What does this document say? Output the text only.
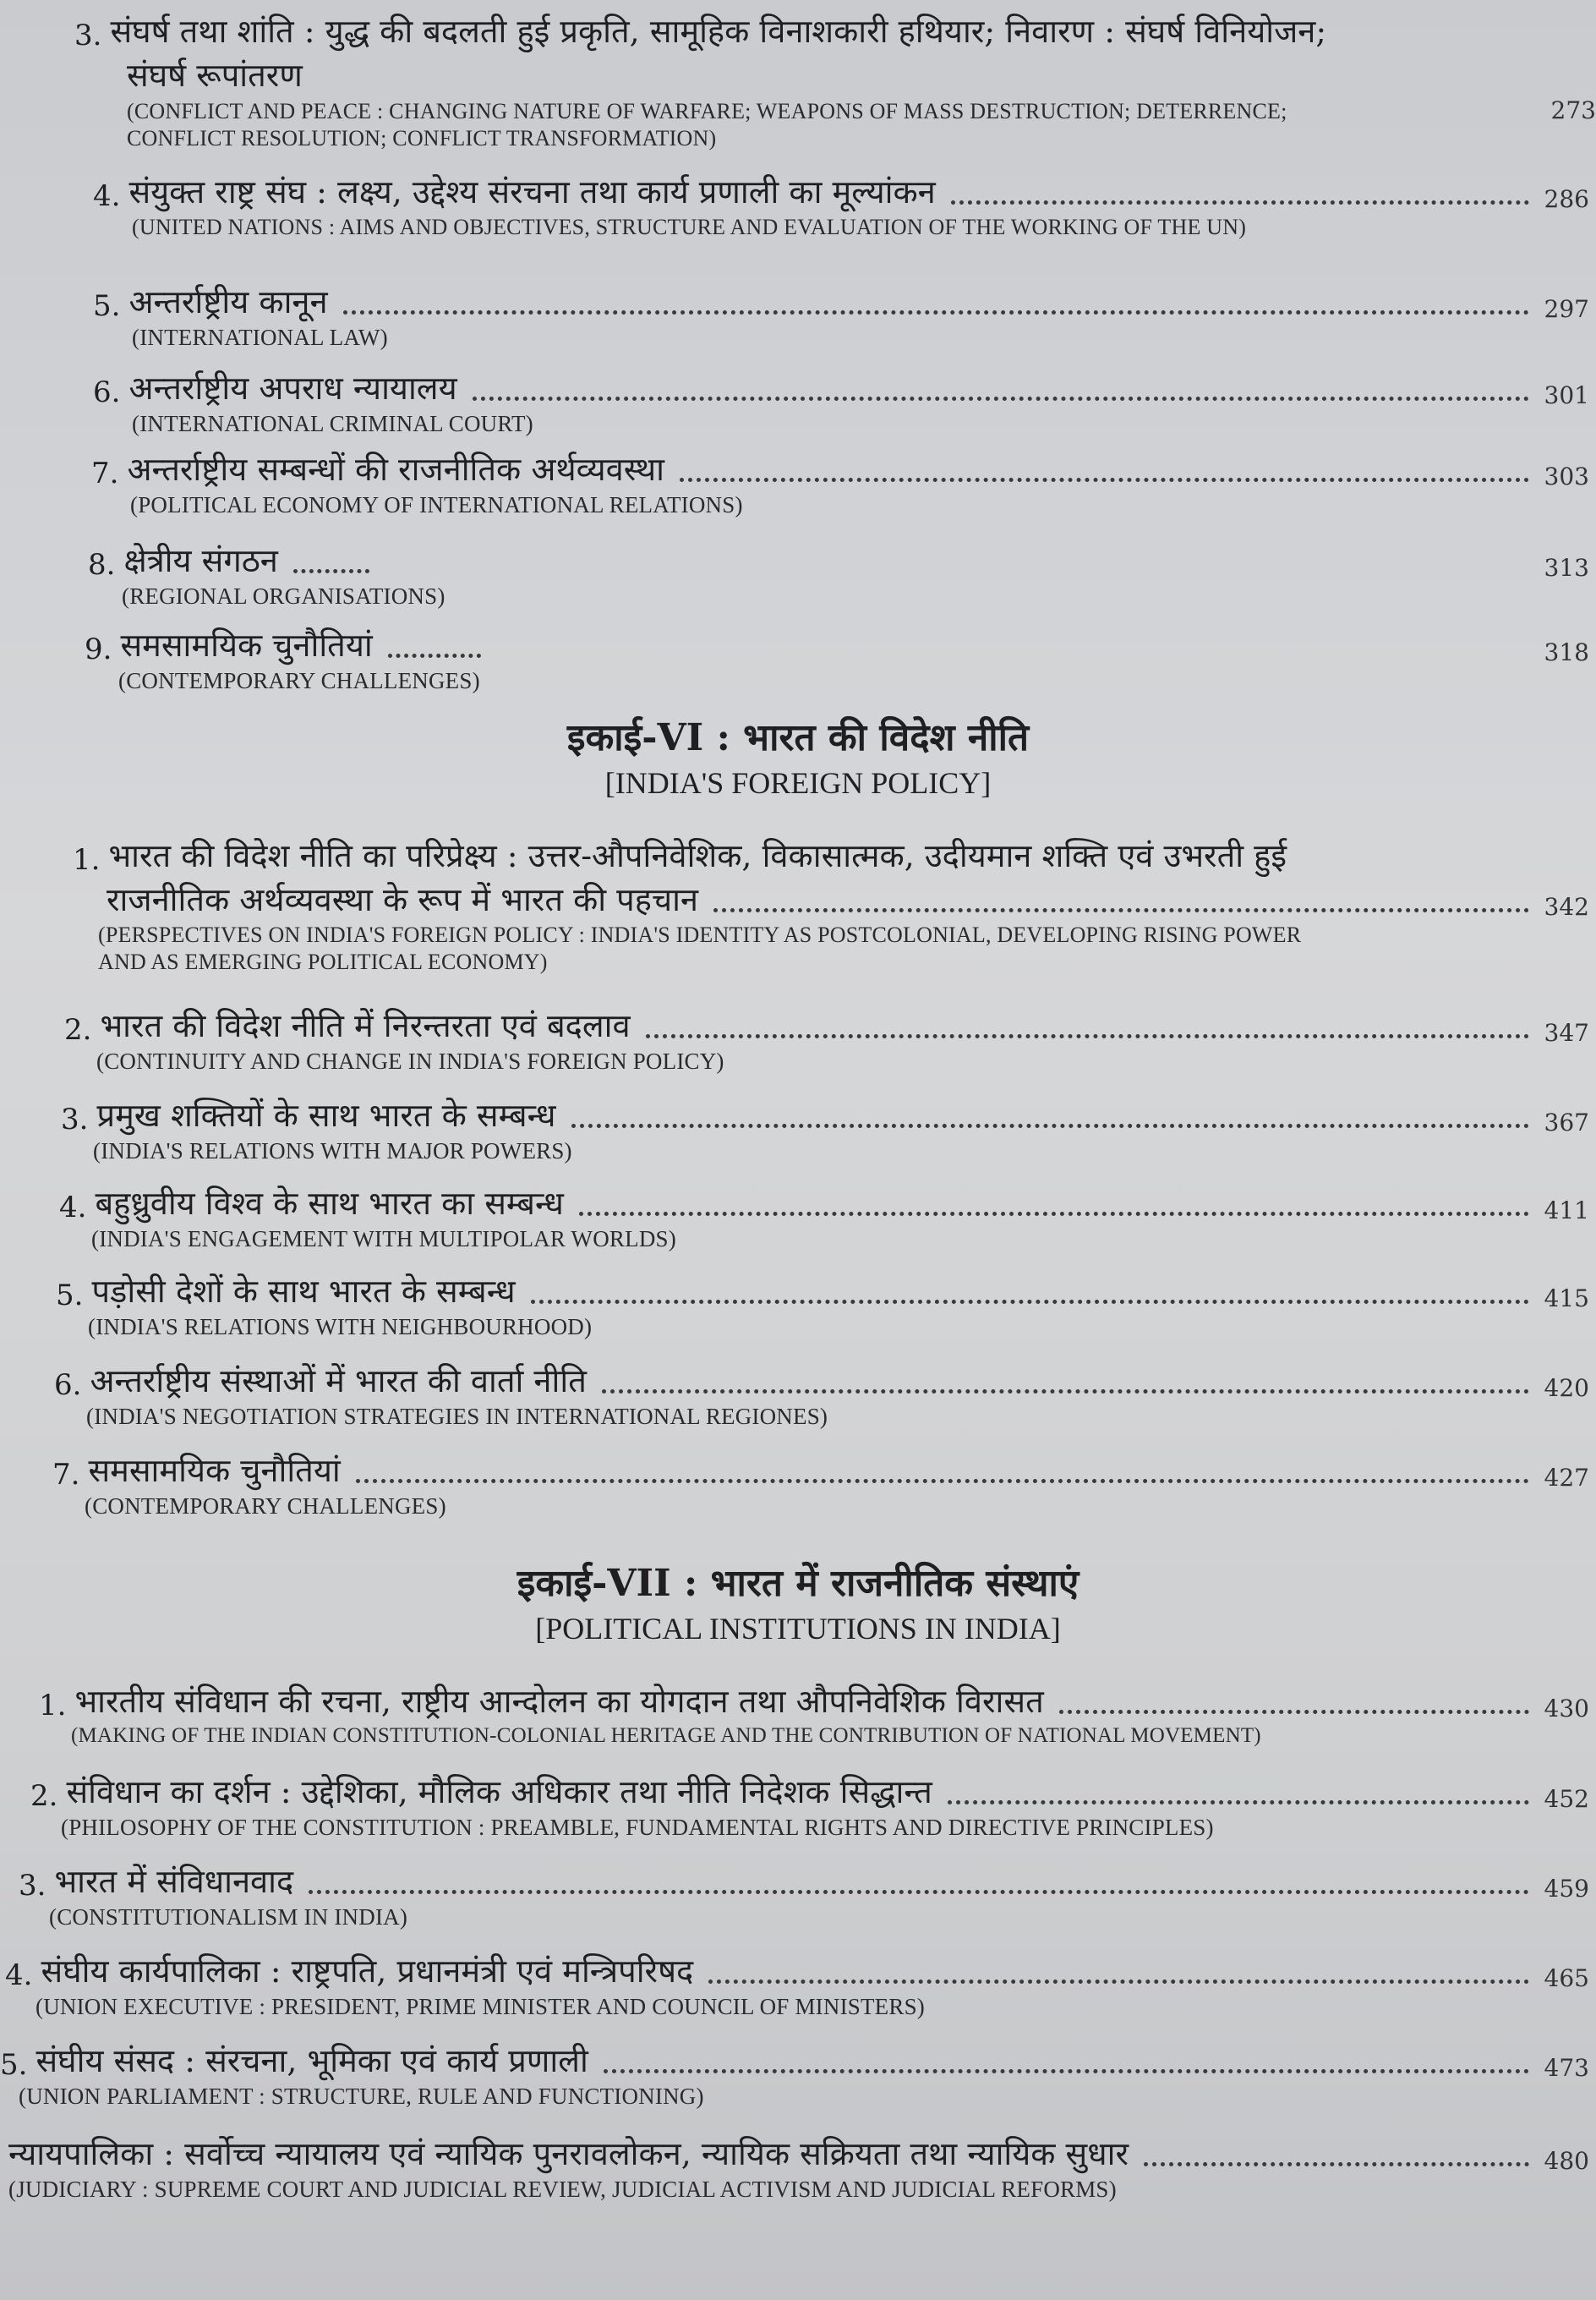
3. संघर्ष तथा शांति : युद्ध की बदलती हुई प्रकृति, सामूहिक विनाशकारी हथियार; निवारण : संघर्ष विनियोजन;
संघर्ष रूपांतरण
(CONFLICT AND PEACE : CHANGING NATURE OF WARFARE; WEAPONS OF MASS DESTRUCTION; DETERRENCE;	273
CONFLICT RESOLUTION; CONFLICT TRANSFORMATION)
4. संयुक्त राष्ट्र संघ : लक्ष्य, उद्देश्य संरचना तथा कार्य प्रणाली का मूल्यांकन	286
(UNITED NATIONS : AIMS AND OBJECTIVES, STRUCTURE AND EVALUATION OF THE WORKING OF THE UN)
5. अन्तर्राष्ट्रीय कानून	297
(INTERNATIONAL LAW)
6. अन्तर्राष्ट्रीय अपराध न्यायालय	301
(INTERNATIONAL CRIMINAL COURT)
7. अन्तर्राष्ट्रीय सम्बन्धों की राजनीतिक अर्थव्यवस्था	303
(POLITICAL ECONOMY OF INTERNATIONAL RELATIONS)
8. क्षेत्रीय संगठन	313
(REGIONAL ORGANISATIONS)
9. समसामयिक चुनौतियां	318
(CONTEMPORARY CHALLENGES)
इकाई-VI : भारत की विदेश नीति
[INDIA'S FOREIGN POLICY]
1. भारत की विदेश नीति का परिप्रेक्ष्य : उत्तर-औपनिवेशिक, विकासात्मक, उदीयमान शक्ति एवं उभरती हुई
राजनीतिक अर्थव्यवस्था के रूप में भारत की पहचान	342
(PERSPECTIVES ON INDIA'S FOREIGN POLICY : INDIA'S IDENTITY AS POSTCOLONIAL, DEVELOPING RISING POWER
AND AS EMERGING POLITICAL ECONOMY)
2. भारत की विदेश नीति में निरन्तरता एवं बदलाव	347
(CONTINUITY AND CHANGE IN INDIA'S FOREIGN POLICY)
3. प्रमुख शक्तियों के साथ भारत के सम्बन्ध	367
(INDIA'S RELATIONS WITH MAJOR POWERS)
4. बहुध्रुवीय विश्व के साथ भारत का सम्बन्ध	411
(INDIA'S ENGAGEMENT WITH MULTIPOLAR WORLDS)
5. पड़ोसी देशों के साथ भारत के सम्बन्ध	415
(INDIA'S RELATIONS WITH NEIGHBOURHOOD)
6. अन्तर्राष्ट्रीय संस्थाओं में भारत की वार्ता नीति	420
(INDIA'S NEGOTIATION STRATEGIES IN INTERNATIONAL REGIONES)
7. समसामयिक चुनौतियां	427
(CONTEMPORARY CHALLENGES)
इकाई-VII : भारत में राजनीतिक संस्थाएं
[POLITICAL INSTITUTIONS IN INDIA]
1. भारतीय संविधान की रचना, राष्ट्रीय आन्दोलन का योगदान तथा औपनिवेशिक विरासत	430
(MAKING OF THE INDIAN CONSTITUTION-COLONIAL HERITAGE AND THE CONTRIBUTION OF NATIONAL MOVEMENT)
2. संविधान का दर्शन : उद्देशिका, मौलिक अधिकार तथा नीति निदेशक सिद्धान्त	452
(PHILOSOPHY OF THE CONSTITUTION : PREAMBLE, FUNDAMENTAL RIGHTS AND DIRECTIVE PRINCIPLES)
3. भारत में संविधानवाद	459
(CONSTITUTIONALISM IN INDIA)
4. संघीय कार्यपालिका : राष्ट्रपति, प्रधानमंत्री एवं मन्त्रिपरिषद	465
(UNION EXECUTIVE : PRESIDENT, PRIME MINISTER AND COUNCIL OF MINISTERS)
5. संघीय संसद : संरचना, भूमिका एवं कार्य प्रणाली	473
(UNION PARLIAMENT : STRUCTURE, RULE AND FUNCTIONING)
न्यायपालिका : सर्वोच्च न्यायालय एवं न्यायिक पुनरावलोकन, न्यायिक सक्रियता तथा न्यायिक सुधार	480
(JUDICIARY : SUPREME COURT AND JUDICIAL REVIEW, JUDICIAL ACTIVISM AND JUDICIAL REFORMS)
